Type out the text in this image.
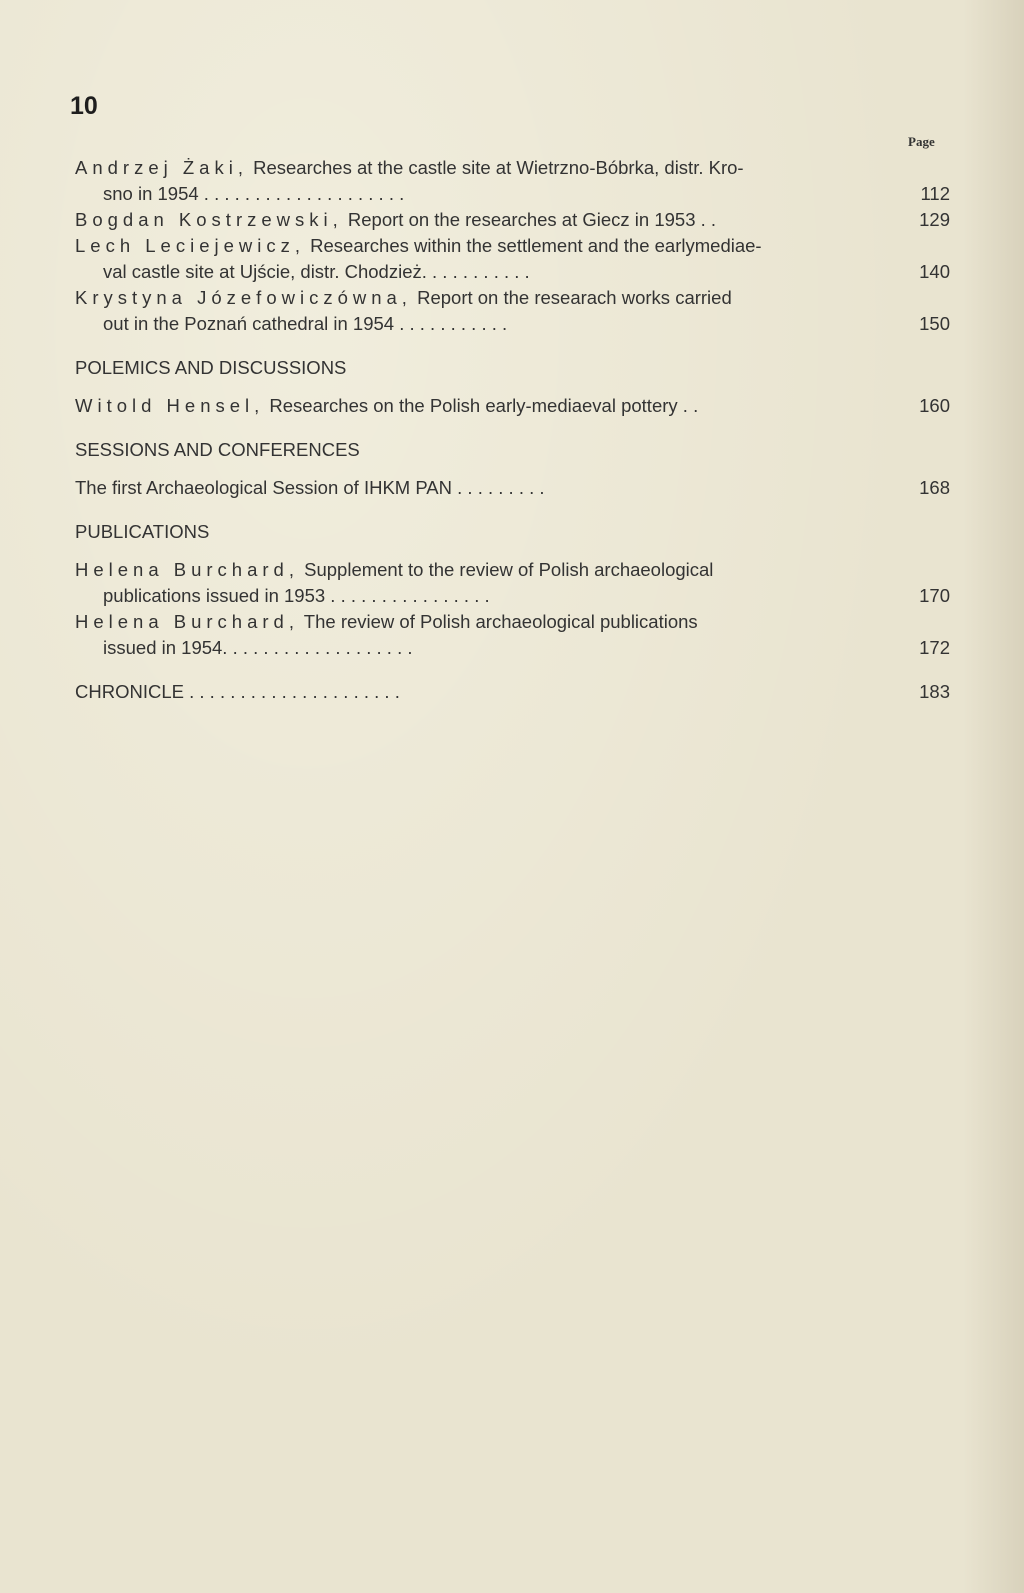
10
Page
Andrzej Żaki, Researches at the castle site at Wietrzno-Bóbrka, distr. Kro-
sno in 1954 . . . . . . . . . . . . . . . . . . . .	112
Bogdan Kostrzewski, Report on the researches at Giecz in 1953 . .	129
Lech Leciejewicz, Researches within the settlement and the earlymediae-
val castle site at Ujście, distr. Chodzież. . . . . . . . . . .	140
Krystyna Józefowiczówna, Report on the researach works carried
out in the Poznań cathedral in 1954 . . . . . . . . . . .	150
POLEMICS AND DISCUSSIONS
Witold Hensel, Researches on the Polish early-mediaeval pottery . .	160
SESSIONS AND CONFERENCES
The first Archaeological Session of IHKM PAN . . . . . . . . .	168
PUBLICATIONS
Helena Burchard, Supplement to the review of Polish archaeological
publications issued in 1953 . . . . . . . . . . . . . . . .	170
Helena Burchard, The review of Polish archaeological publications
issued in 1954. . . . . . . . . . . . . . . . . . .	172
CHRONICLE . . . . . . . . . . . . . . . . . . . . .	183
